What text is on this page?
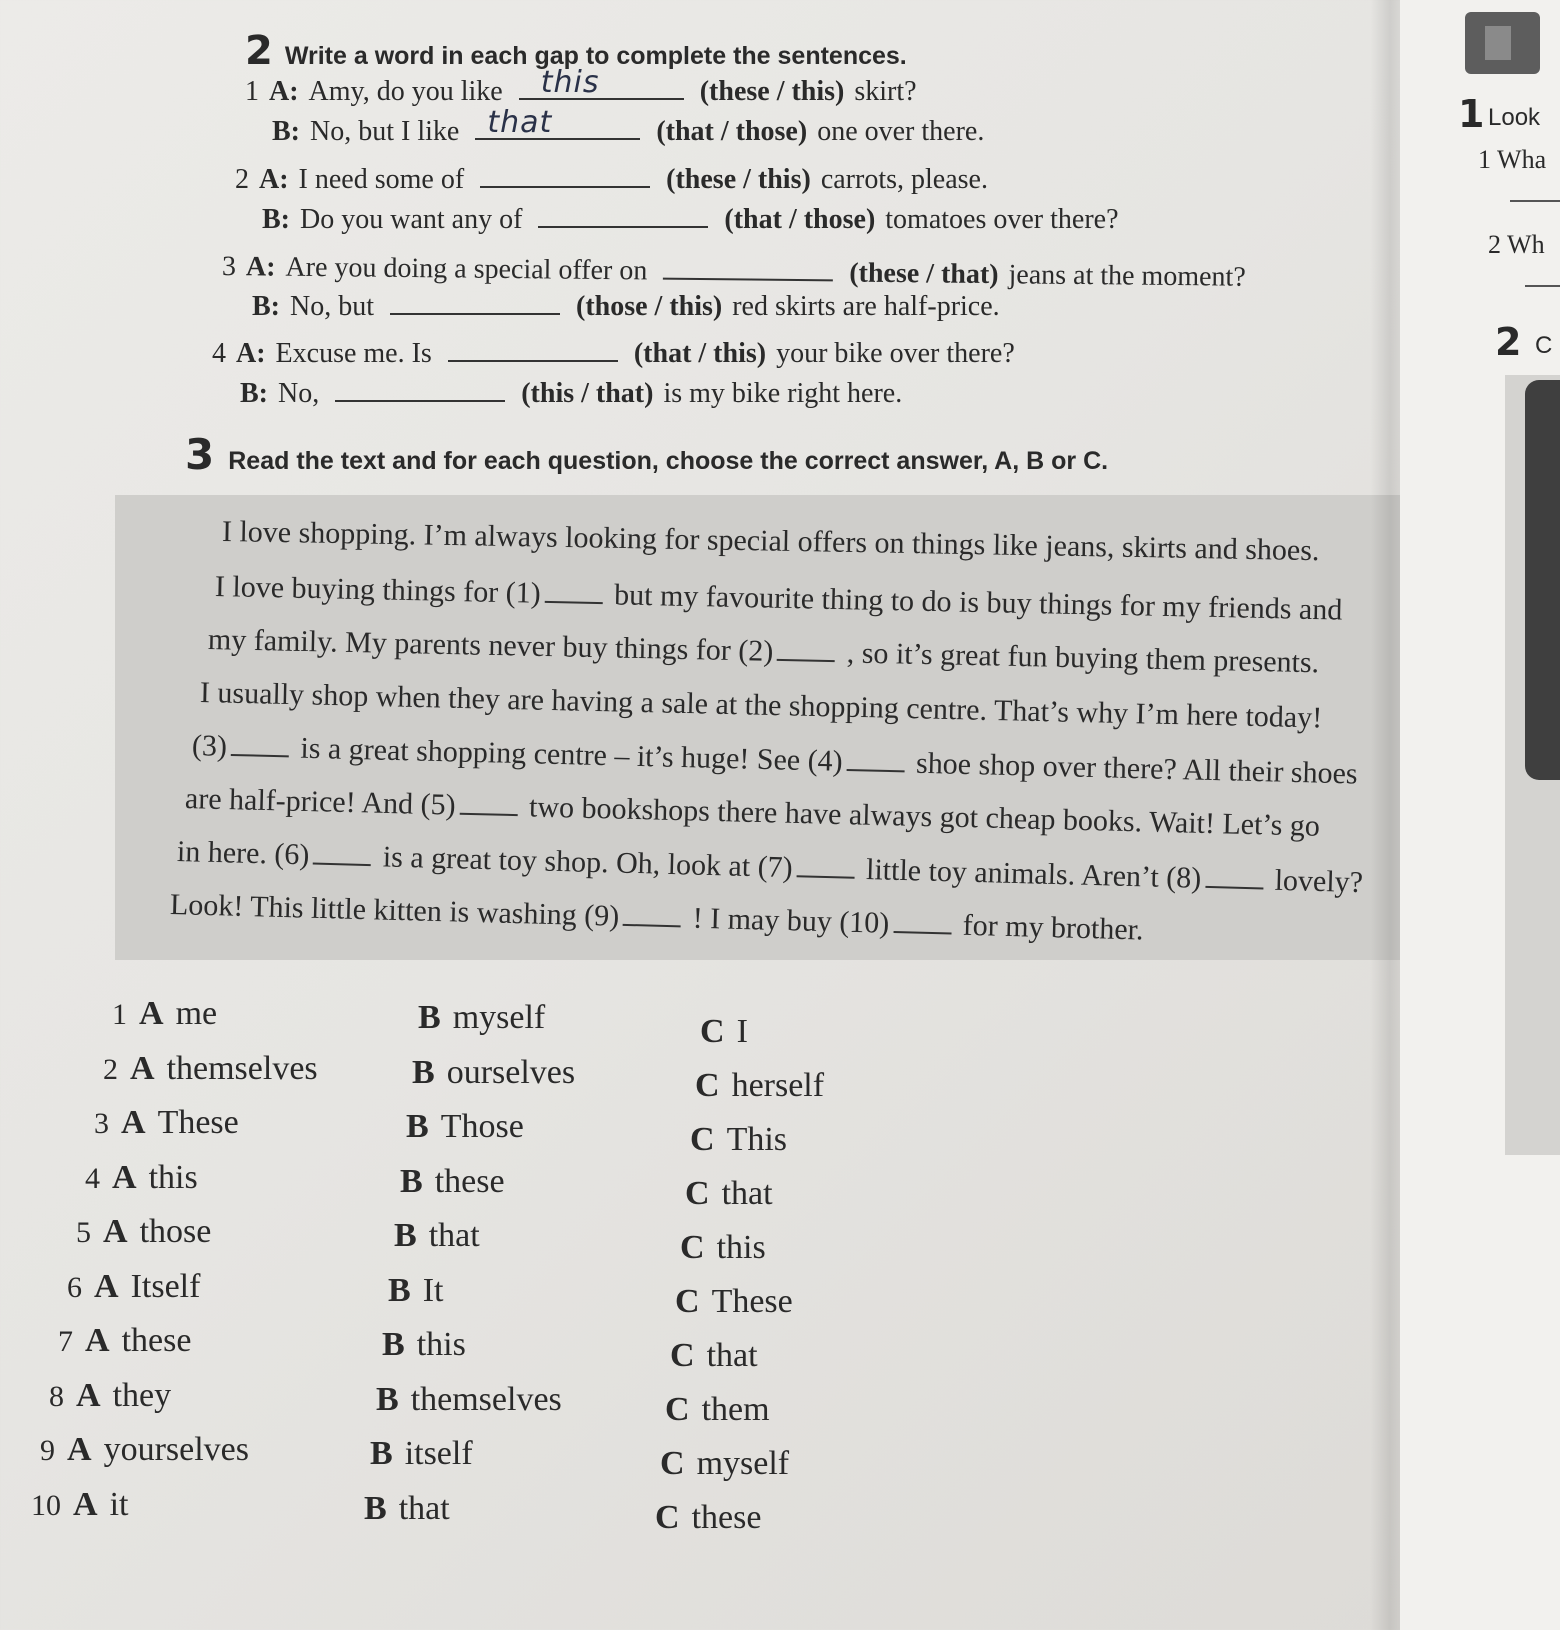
2 Write a word in each gap to complete the sentences.
1 A: Amy, do you like this	(these / this) skirt?
B: No, but I like that	(that / those) one over there.
2 A: I need some of	(these / this) carrots, please.
B: Do you want any of	(that / those) tomatoes over there?
3 A: Are you doing a special offer on	(these / that) jeans at the moment?
B: No, but	(those / this) red skirts are half-price.
4 A: Excuse me. Is	(that / this) your bike over there?
B: No,	(this / that) is my bike right here.
3 Read the text and for each question, choose the correct answer, A, B or C.
I love shopping. I’m always looking for special offers on things like jeans, skirts and shoes.
I love buying things for (1) but my favourite thing to do is buy things for my friends and
my family. My parents never buy things for (2) , so it’s great fun buying them presents.
I usually shop when they are having a sale at the shopping centre. That’s why I’m here today!
(3) is a great shopping centre – it’s huge! See (4) shoe shop over there? All their shoes
are half-price! And (5) two bookshops there have always got cheap books. Wait! Let’s go
in here. (6) is a great toy shop. Oh, look at (7) little toy animals. Aren’t (8) lovely?
Look! This little kitten is washing (9) ! I may buy (10) for my brother.
1 A me	B myself	C I
2 A themselves	B ourselves	C herself
3 A These	B Those	C This
4 A this	B these	C that
5 A those	B that	C this
6 A Itself	B It	C These
7 A these	B this	C that
8 A they	B themselves	C them
9 A yourselves	B itself	C myself
10 A it	B that	C these
1 Look
1 Wha
2 Wh
2 C
